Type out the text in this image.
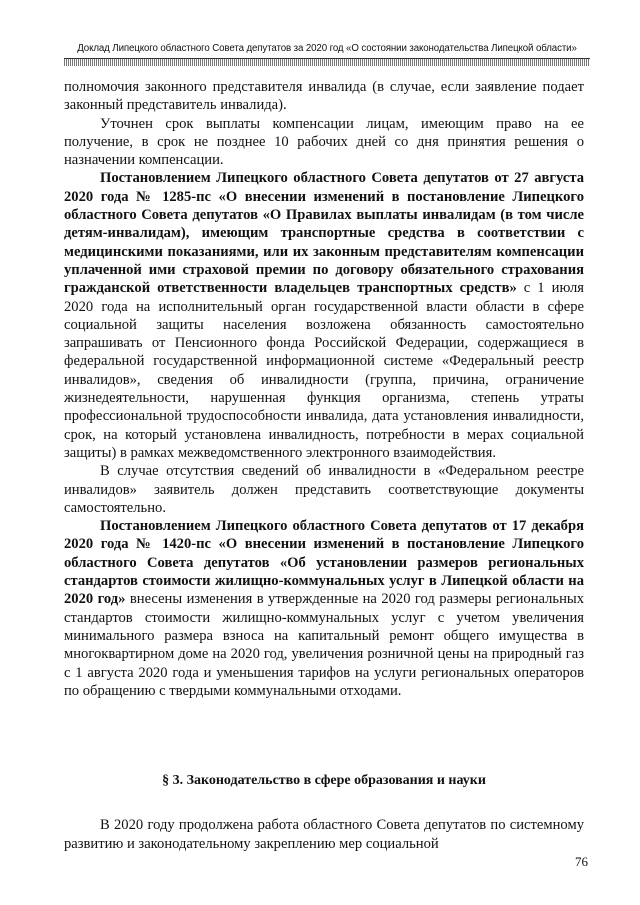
Доклад Липецкого областного Совета депутатов за 2020 год «О состоянии законодательства Липецкой области»

полномочия законного представителя инвалида (в случае, если заявление подает законный представитель инвалида).

Уточнен срок выплаты компенсации лицам, имеющим право на ее получение, в срок не позднее 10 рабочих дней со дня принятия решения о назначении компенсации.

Постановлением Липецкого областного Совета депутатов от 27 августа 2020 года № 1285-пс «О внесении изменений в постановление Липецкого областного Совета депутатов «О Правилах выплаты инвалидам (в том числе детям-инвалидам), имеющим транспортные средства в соответствии с медицинскими показаниями, или их законным представителям компенсации уплаченной ими страховой премии по договору обязательного страхования гражданской ответственности владельцев транспортных средств» с 1 июля 2020 года на исполнительный орган государственной власти области в сфере социальной защиты населения возложена обязанность самостоятельно запрашивать от Пенсионного фонда Российской Федерации, содержащиеся в федеральной государственной информационной системе «Федеральный реестр инвалидов», сведения об инвалидности (группа, причина, ограничение жизнедеятельности, нарушенная функция организма, степень утраты профессиональной трудоспособности инвалида, дата установления инвалидности, срок, на который установлена инвалидность, потребности в мерах социальной защиты) в рамках межведомственного электронного взаимодействия.

В случае отсутствия сведений об инвалидности в «Федеральном реестре инвалидов» заявитель должен представить соответствующие документы самостоятельно.

Постановлением Липецкого областного Совета депутатов от 17 декабря 2020 года № 1420-пс «О внесении изменений в постановление Липецкого областного Совета депутатов «Об установлении размеров региональных стандартов стоимости жилищно-коммунальных услуг в Липецкой области на 2020 год» внесены изменения в утвержденные на 2020 год размеры региональных стандартов стоимости жилищно-коммунальных услуг с учетом увеличения минимального размера взноса на капитальный ремонт общего имущества в многоквартирном доме на 2020 год, увеличения розничной цены на природный газ с 1 августа 2020 года и уменьшения тарифов на услуги региональных операторов по обращению с твердыми коммунальными отходами.

§ 3. Законодательство в сфере образования и науки

В 2020 году продолжена работа областного Совета депутатов по системному развитию и законодательному закреплению мер социальной

76
